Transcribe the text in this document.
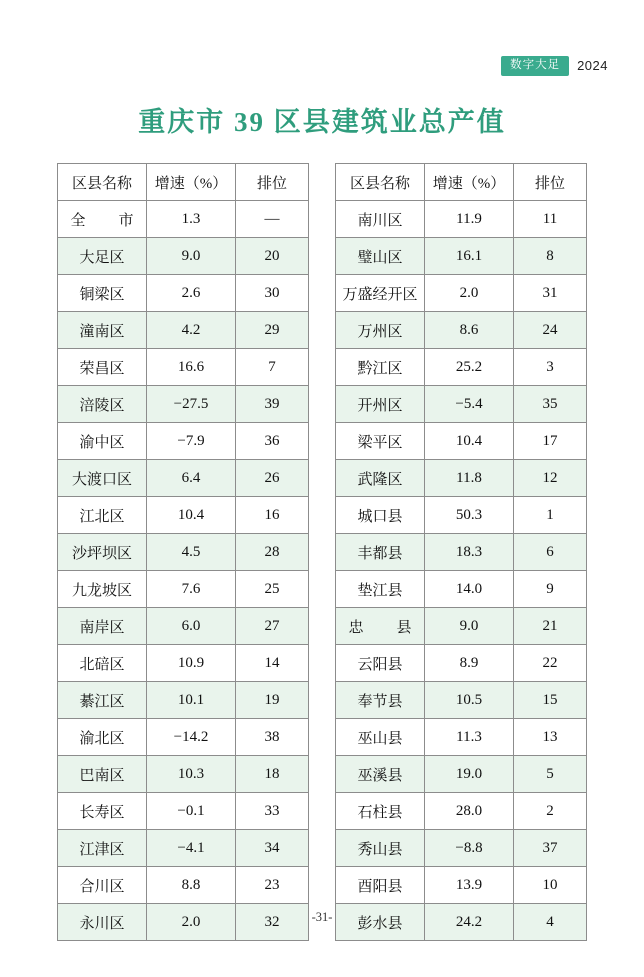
数字大足	2024
重庆市 39 区县建筑业总产值
区县名称	增速（%）	排位
全　市	1.3	—
大足区	9.0	20
铜梁区	2.6	30
潼南区	4.2	29
荣昌区	16.6	7
涪陵区	−27.5	39
渝中区	−7.9	36
大渡口区	6.4	26
江北区	10.4	16
沙坪坝区	4.5	28
九龙坡区	7.6	25
南岸区	6.0	27
北碚区	10.9	14
綦江区	10.1	19
渝北区	−14.2	38
巴南区	10.3	18
长寿区	−0.1	33
江津区	−4.1	34
合川区	8.8	23
永川区	2.0	32
区县名称	增速（%）	排位
南川区	11.9	11
璧山区	16.1	8
万盛经开区	2.0	31
万州区	8.6	24
黔江区	25.2	3
开州区	−5.4	35
梁平区	10.4	17
武隆区	11.8	12
城口县	50.3	1
丰都县	18.3	6
垫江县	14.0	9
忠　县	9.0	21
云阳县	8.9	22
奉节县	10.5	15
巫山县	11.3	13
巫溪县	19.0	5
石柱县	28.0	2
秀山县	−8.8	37
酉阳县	13.9	10
彭水县	24.2	4
-31-
